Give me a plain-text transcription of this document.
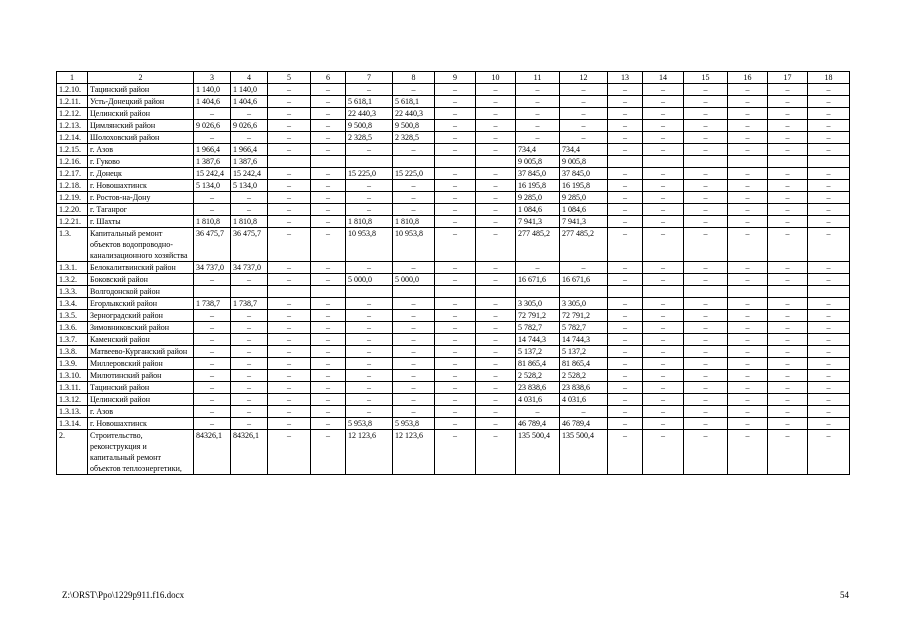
1	2	3	4	5	6	7	8	9	10	11	12	13	14	15	16	17	18
1.2.10.	Тацинский район	1 140,0	1 140,0	–	–	–	–	–	–	–	–	–	–	–	–	–	–
1.2.11.	Усть-Донецкий район	1 404,6	1 404,6	–	–	5 618,1	5 618,1	–	–	–	–	–	–	–	–	–	–
1.2.12.	Целинский район	–	–	–	–	22 440,3	22 440,3	–	–	–	–	–	–	–	–	–	–
1.2.13.	Цимлянский район	9 026,6	9 026,6	–	–	9 500,8	9 500,8	–	–	–	–	–	–	–	–	–	–
1.2.14.	Шолоховский район	–	–	–	–	2 328,5	2 328,5	–	–	–	–	–	–	–	–	–	–
1.2.15.	г. Азов	1 966,4	1 966,4	–	–	–	–	–	–	734,4	734,4	–	–	–	–	–	–
1.2.16.	г. Гуково	1 387,6	1 387,6							9 005,8	9 005,8						
1.2.17.	г. Донецк	15 242,4	15 242,4	–	–	15 225,0	15 225,0	–	–	37 845,0	37 845,0	–	–	–	–	–	–
1.2.18.	г. Новошахтинск	5 134,0	5 134,0	–	–	–	–	–	–	16 195,8	16 195,8	–	–	–	–	–	–
1.2.19.	г. Ростов-на-Дону	–	–	–	–	–	–	–	–	9 285,0	9 285,0	–	–	–	–	–	–
1.2.20.	г. Таганрог	–	–	–	–	–	–	–	–	1 084,6	1 084,6	–	–	–	–	–	–
1.2.21.	г. Шахты	1 810,8	1 810,8	–	–	1 810,8	1 810,8	–	–	7 941,3	7 941,3	–	–	–	–	–	–
1.3.	Капитальный ремонт объектов водопроводно-канализационного хозяйства	36 475,7	36 475,7	–	–	10 953,8	10 953,8	–	–	277 485,2	277 485,2	–	–	–	–	–	–
1.3.1.	Белокалитвинский район	34 737,0	34 737,0	–	–	–	–	–	–	–	–	–	–	–	–	–	–
1.3.2.	Боковский район	–	–	–	–	5 000,0	5 000,0	–	–	16 671,6	16 671,6	–	–	–	–	–	–
1.3.3.	Волгодонской район																
1.3.4.	Егорлыкский район	1 738,7	1 738,7	–	–	–	–	–	–	3 305,0	3 305,0	–	–	–	–	–	–
1.3.5.	Зерноградский район	–	–	–	–	–	–	–	–	72 791,2	72 791,2	–	–	–	–	–	–
1.3.6.	Зимовниковский район	–	–	–	–	–	–	–	–	5 782,7	5 782,7	–	–	–	–	–	–
1.3.7.	Каменский район	–	–	–	–	–	–	–	–	14 744,3	14 744,3	–	–	–	–	–	–
1.3.8.	Матвеево-Курганский район	–	–	–	–	–	–	–	–	5 137,2	5 137,2	–	–	–	–	–	–
1.3.9.	Миллеровский район	–	–	–	–	–	–	–	–	81 865,4	81 865,4	–	–	–	–	–	–
1.3.10.	Милютинский район	–	–	–	–	–	–	–	–	2 528,2	2 528,2	–	–	–	–	–	–
1.3.11.	Тацинский район	–	–	–	–	–	–	–	–	23 838,6	23 838,6	–	–	–	–	–	–
1.3.12.	Целинский район	–	–	–	–	–	–	–	–	4 031,6	4 031,6	–	–	–	–	–	–
1.3.13.	г. Азов	–	–	–	–	–	–	–	–	–	–	–	–	–	–	–	–
1.3.14.	г. Новошахтинск	–	–	–	–	5 953,8	5 953,8	–	–	46 789,4	46 789,4	–	–	–	–	–	–
2.	Строительство, реконструкция и капитальный ремонт объектов теплоэнергетики,	84326,1	84326,1	–	–	12 123,6	12 123,6	–	–	135 500,4	135 500,4	–	–	–	–	–	–
Z:\ORST\Ppo\1229p911.f16.docx	54
